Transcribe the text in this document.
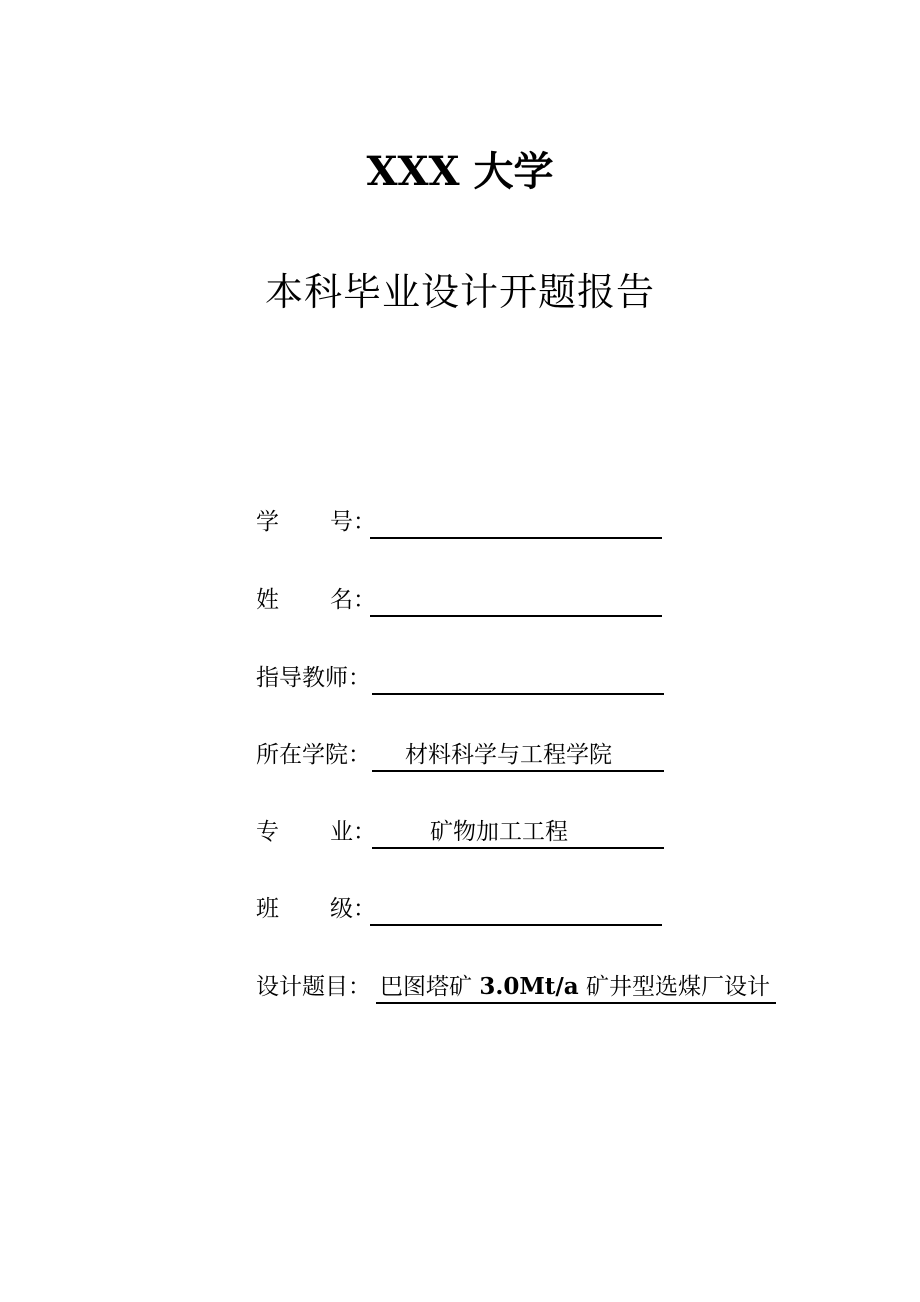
XXX 大学
本科毕业设计开题报告
学 号：
姓 名：
指导教师：
所在学院： 材料科学与工程学院
专 业： 矿物加工工程
班 级：
设计题目： 巴图塔矿 3.0Mt/a 矿井型选煤厂设计
